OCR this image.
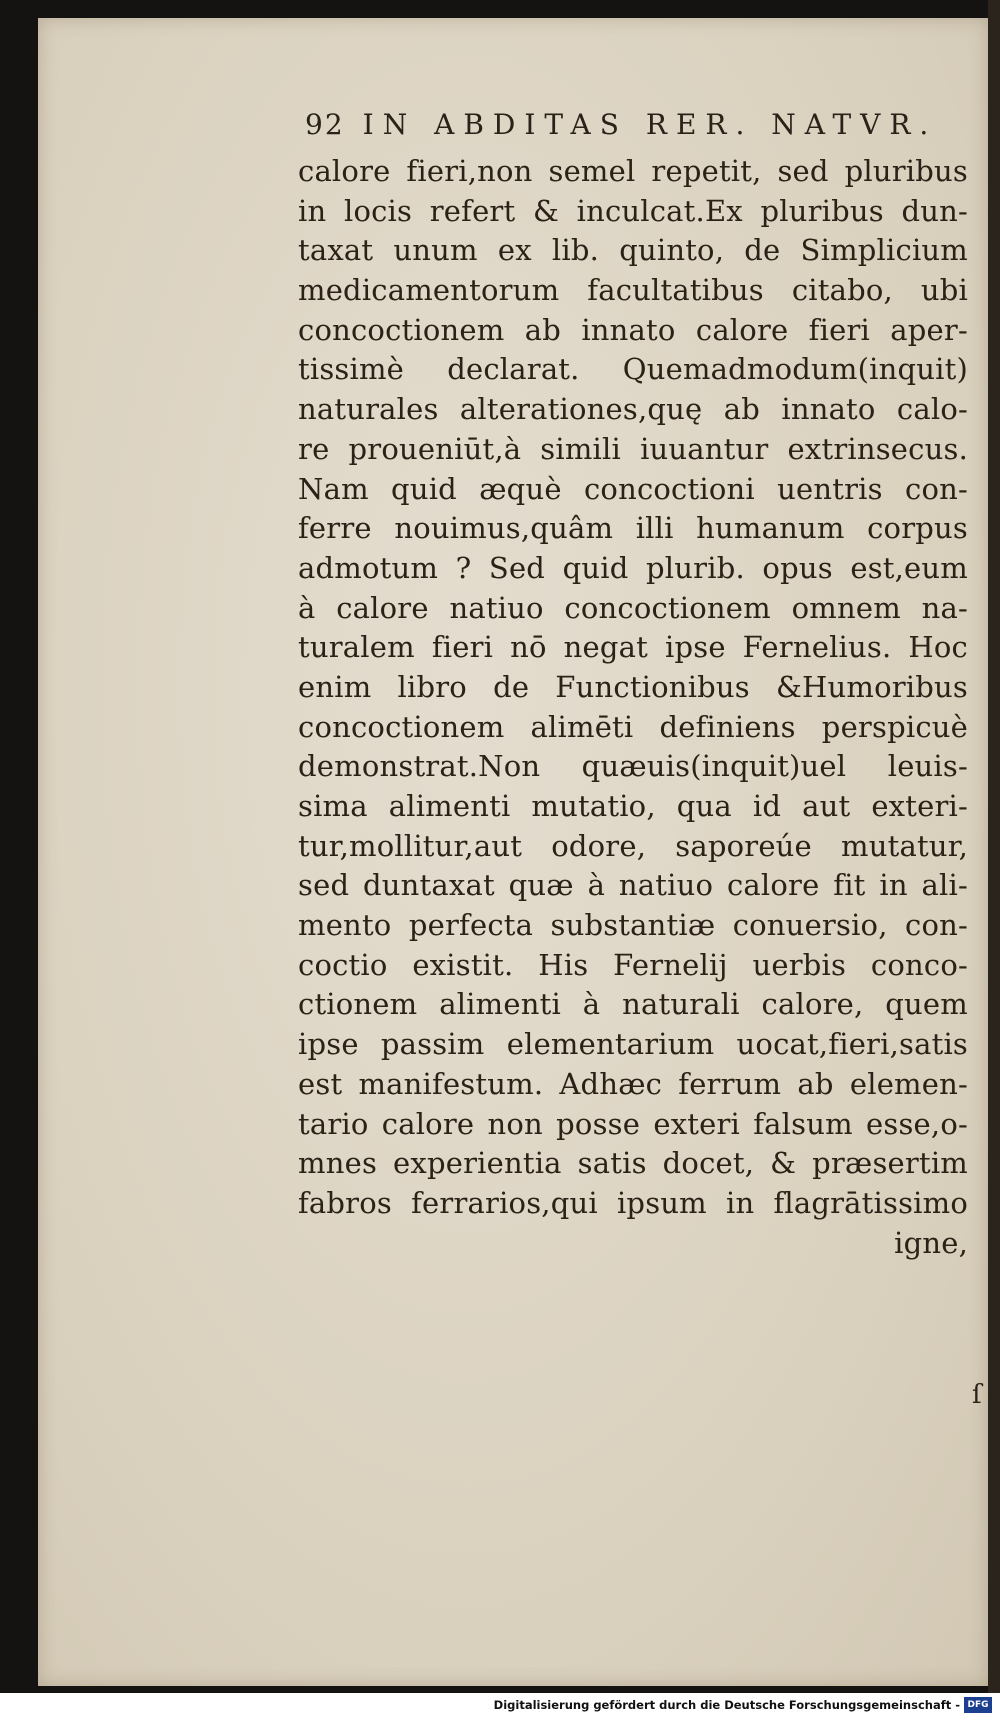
92 IN ABDITAS RER. NATVR.
calore fieri,non semel repetit, sed pluribus
in locis refert & inculcat.Ex pluribus dun-
taxat unum ex lib. quinto, de Simplicium
medicamentorum facultatibus citabo, ubi
concoctionem ab innato calore fieri aper-
tissimè declarat. Quemadmodum(inquit)
naturales alterationes,quę ab innato calo-
re proueniūt,à simili iuuantur extrinsecus.
Nam quid æquè concoctioni uentris con-
ferre nouimus,quâm illi humanum corpus
admotum ? Sed quid plurib. opus est,eum
à calore natiuo concoctionem omnem na-
turalem fieri nō negat ipse Fernelius. Hoc
enim libro de Functionibus &Humoribus
concoctionem alimēti definiens perspicuè
demonstrat.Non quæuis(inquit)uel leuis-
sima alimenti mutatio, qua id aut exteri-
tur,mollitur,aut odore, saporeúe mutatur,
sed duntaxat quæ à natiuo calore fit in ali-
mento perfecta substantiæ conuersio, con-
coctio existit. His Fernelij uerbis conco-
ctionem alimenti à naturali calore, quem
ipse passim elementarium uocat,fieri,satis
est manifestum. Adhæc ferrum ab elemen-
tario calore non posse exteri falsum esse,o-
mnes experientia satis docet, & præsertim
fabros ferrarios,qui ipsum in flagrātissimo
igne,
ſ
Digitalisierung gefördert durch die Deutsche Forschungsgemeinschaft - DFG
